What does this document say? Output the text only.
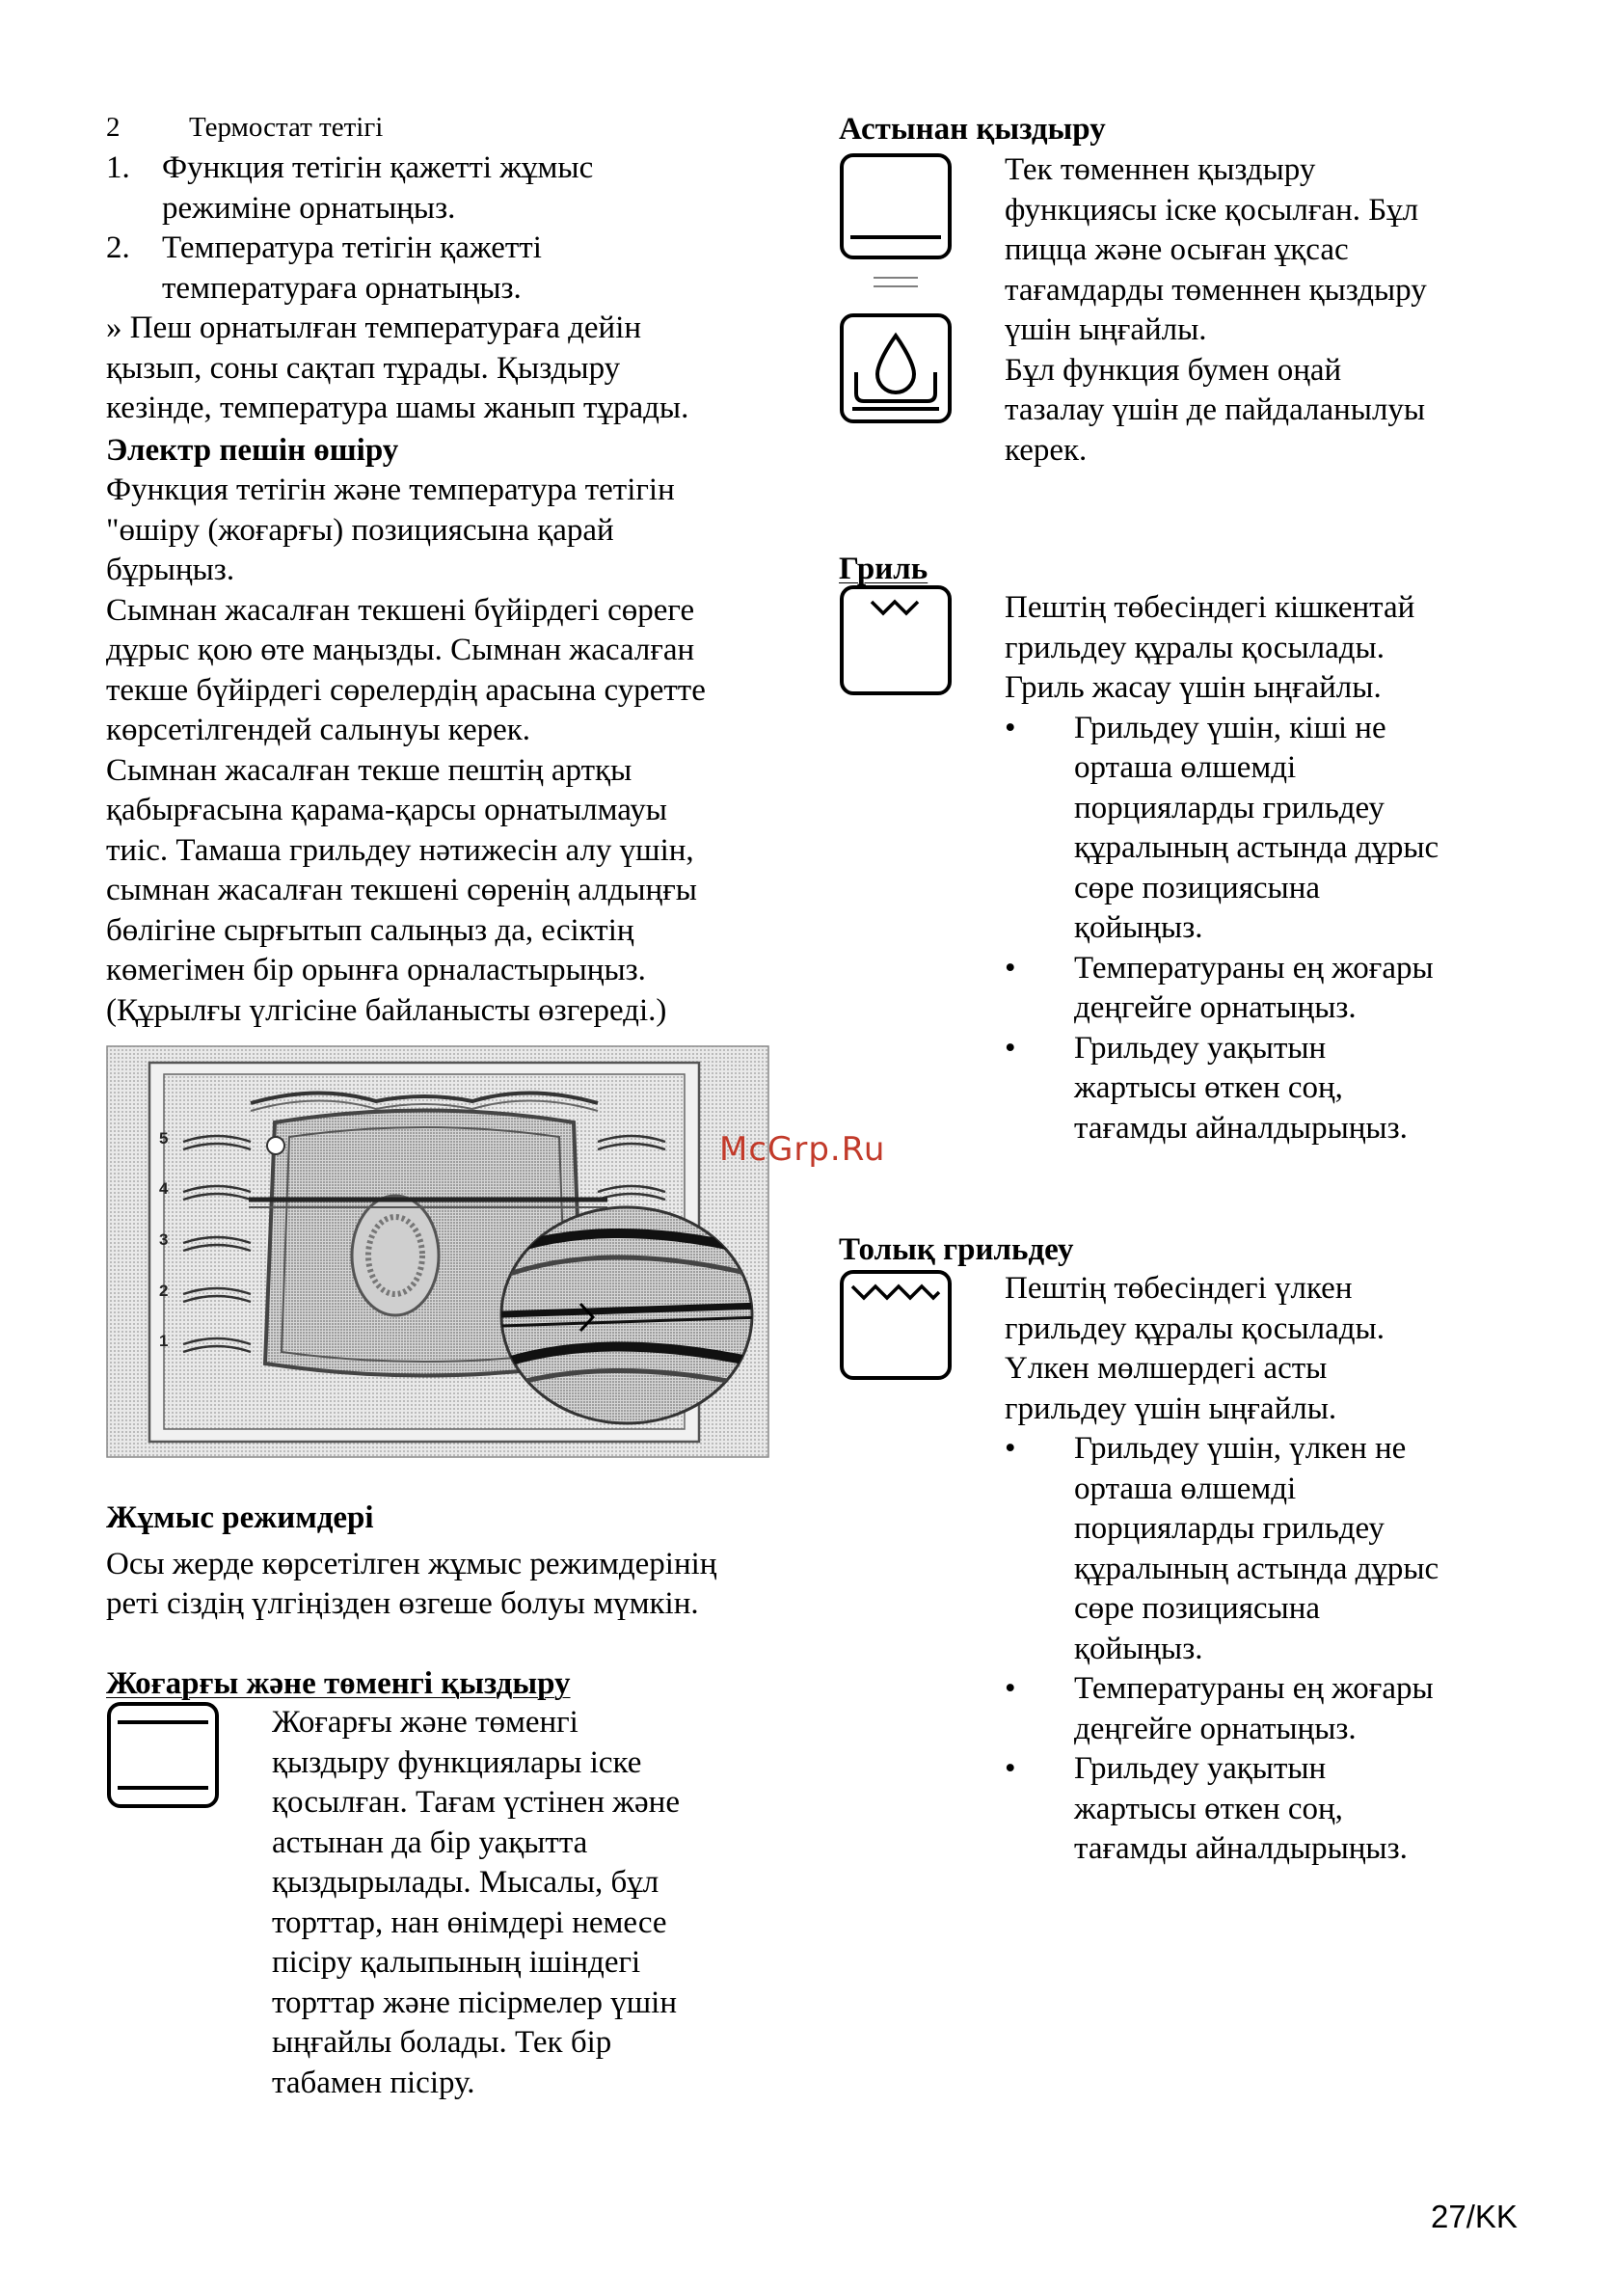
2	Термостат тетігі
1.	Функция тетігін қажетті жұмыс

режиміне орнатыңыз.

2.	Температура тетігін қажетті

температураға орнатыңыз.

» Пеш орнатылған температураға дейін

қызып, соны сақтап тұрады. Қыздыру

кезінде, температура шамы жанып тұрады.

Электр пешін өшіру

Функция тетігін және температура тетігін

"өшіру (жоғарғы) позициясына қарай

бұрыңыз.

Сымнан жасалған текшені бүйірдегі сөреге

дұрыс қою өте маңызды. Сымнан жасалған

текше бүйірдегі сөрелердің арасына суретте

көрсетілгендей салынуы керек.

Сымнан жасалған текше пештің артқы

қабырғасына қарама-қарсы орнатылмауы

тиіс. Тамаша грильдеу нәтижесін алу үшін,

сымнан жасалған текшені сөренің алдыңғы

бөлігіне сырғытып салыңыз да, есіктің

көмегімен бір орынға орналастырыңыз.

(Құрылғы үлгісіне байланысты өзгереді.)

5
4
3
2
1

Жұмыс режимдері

Осы жерде көрсетілген жұмыс режимдерінің

реті сіздің үлгіңізден өзгеше болуы мүмкін.

Жоғарғы және төменгі қыздыру

Жоғарғы және төменгі

қыздыру функциялары іске

қосылған. Тағам үстінен және

астынан да бір уақытта

қыздырылады. Мысалы, бұл

торттар, нан өнімдері немесе

пісіру қалыпының ішіндегі

торттар және пісірмелер үшін

ыңғайлы болады. Тек бір

табамен пісіру.

Астынан қыздыру

Тек төменнен қыздыру

функциясы іске қосылған. Бұл

пицца және осыған ұқсас

тағамдарды төменнен қыздыру

үшін ыңғайлы.

Бұл функция бумен оңай

тазалау үшін де пайдаланылуы

керек.

Гриль

Пештің төбесіндегі кішкентай

грильдеу құралы қосылады.

Гриль жасау үшін ыңғайлы.

•	Грильдеу үшін, кіші не

орташа өлшемді

порцияларды грильдеу

құралының астында дұрыс

сөре позициясына

қойыңыз.

•	Температураны ең жоғары

деңгейге орнатыңыз.

•	Грильдеу уақытын

жартысы өткен соң,

тағамды айналдырыңыз.

Толық грильдеу

Пештің төбесіндегі үлкен

грильдеу құралы қосылады.

Үлкен мөлшердегі асты

грильдеу үшін ыңғайлы.

•	Грильдеу үшін, үлкен не

орташа өлшемді

порцияларды грильдеу

құралының астында дұрыс

сөре позициясына

қойыңыз.

•	Температураны ең жоғары

деңгейге орнатыңыз.

•	Грильдеу уақытын

жартысы өткен соң,

тағамды айналдырыңыз.

McGrp.Ru
27/KK
